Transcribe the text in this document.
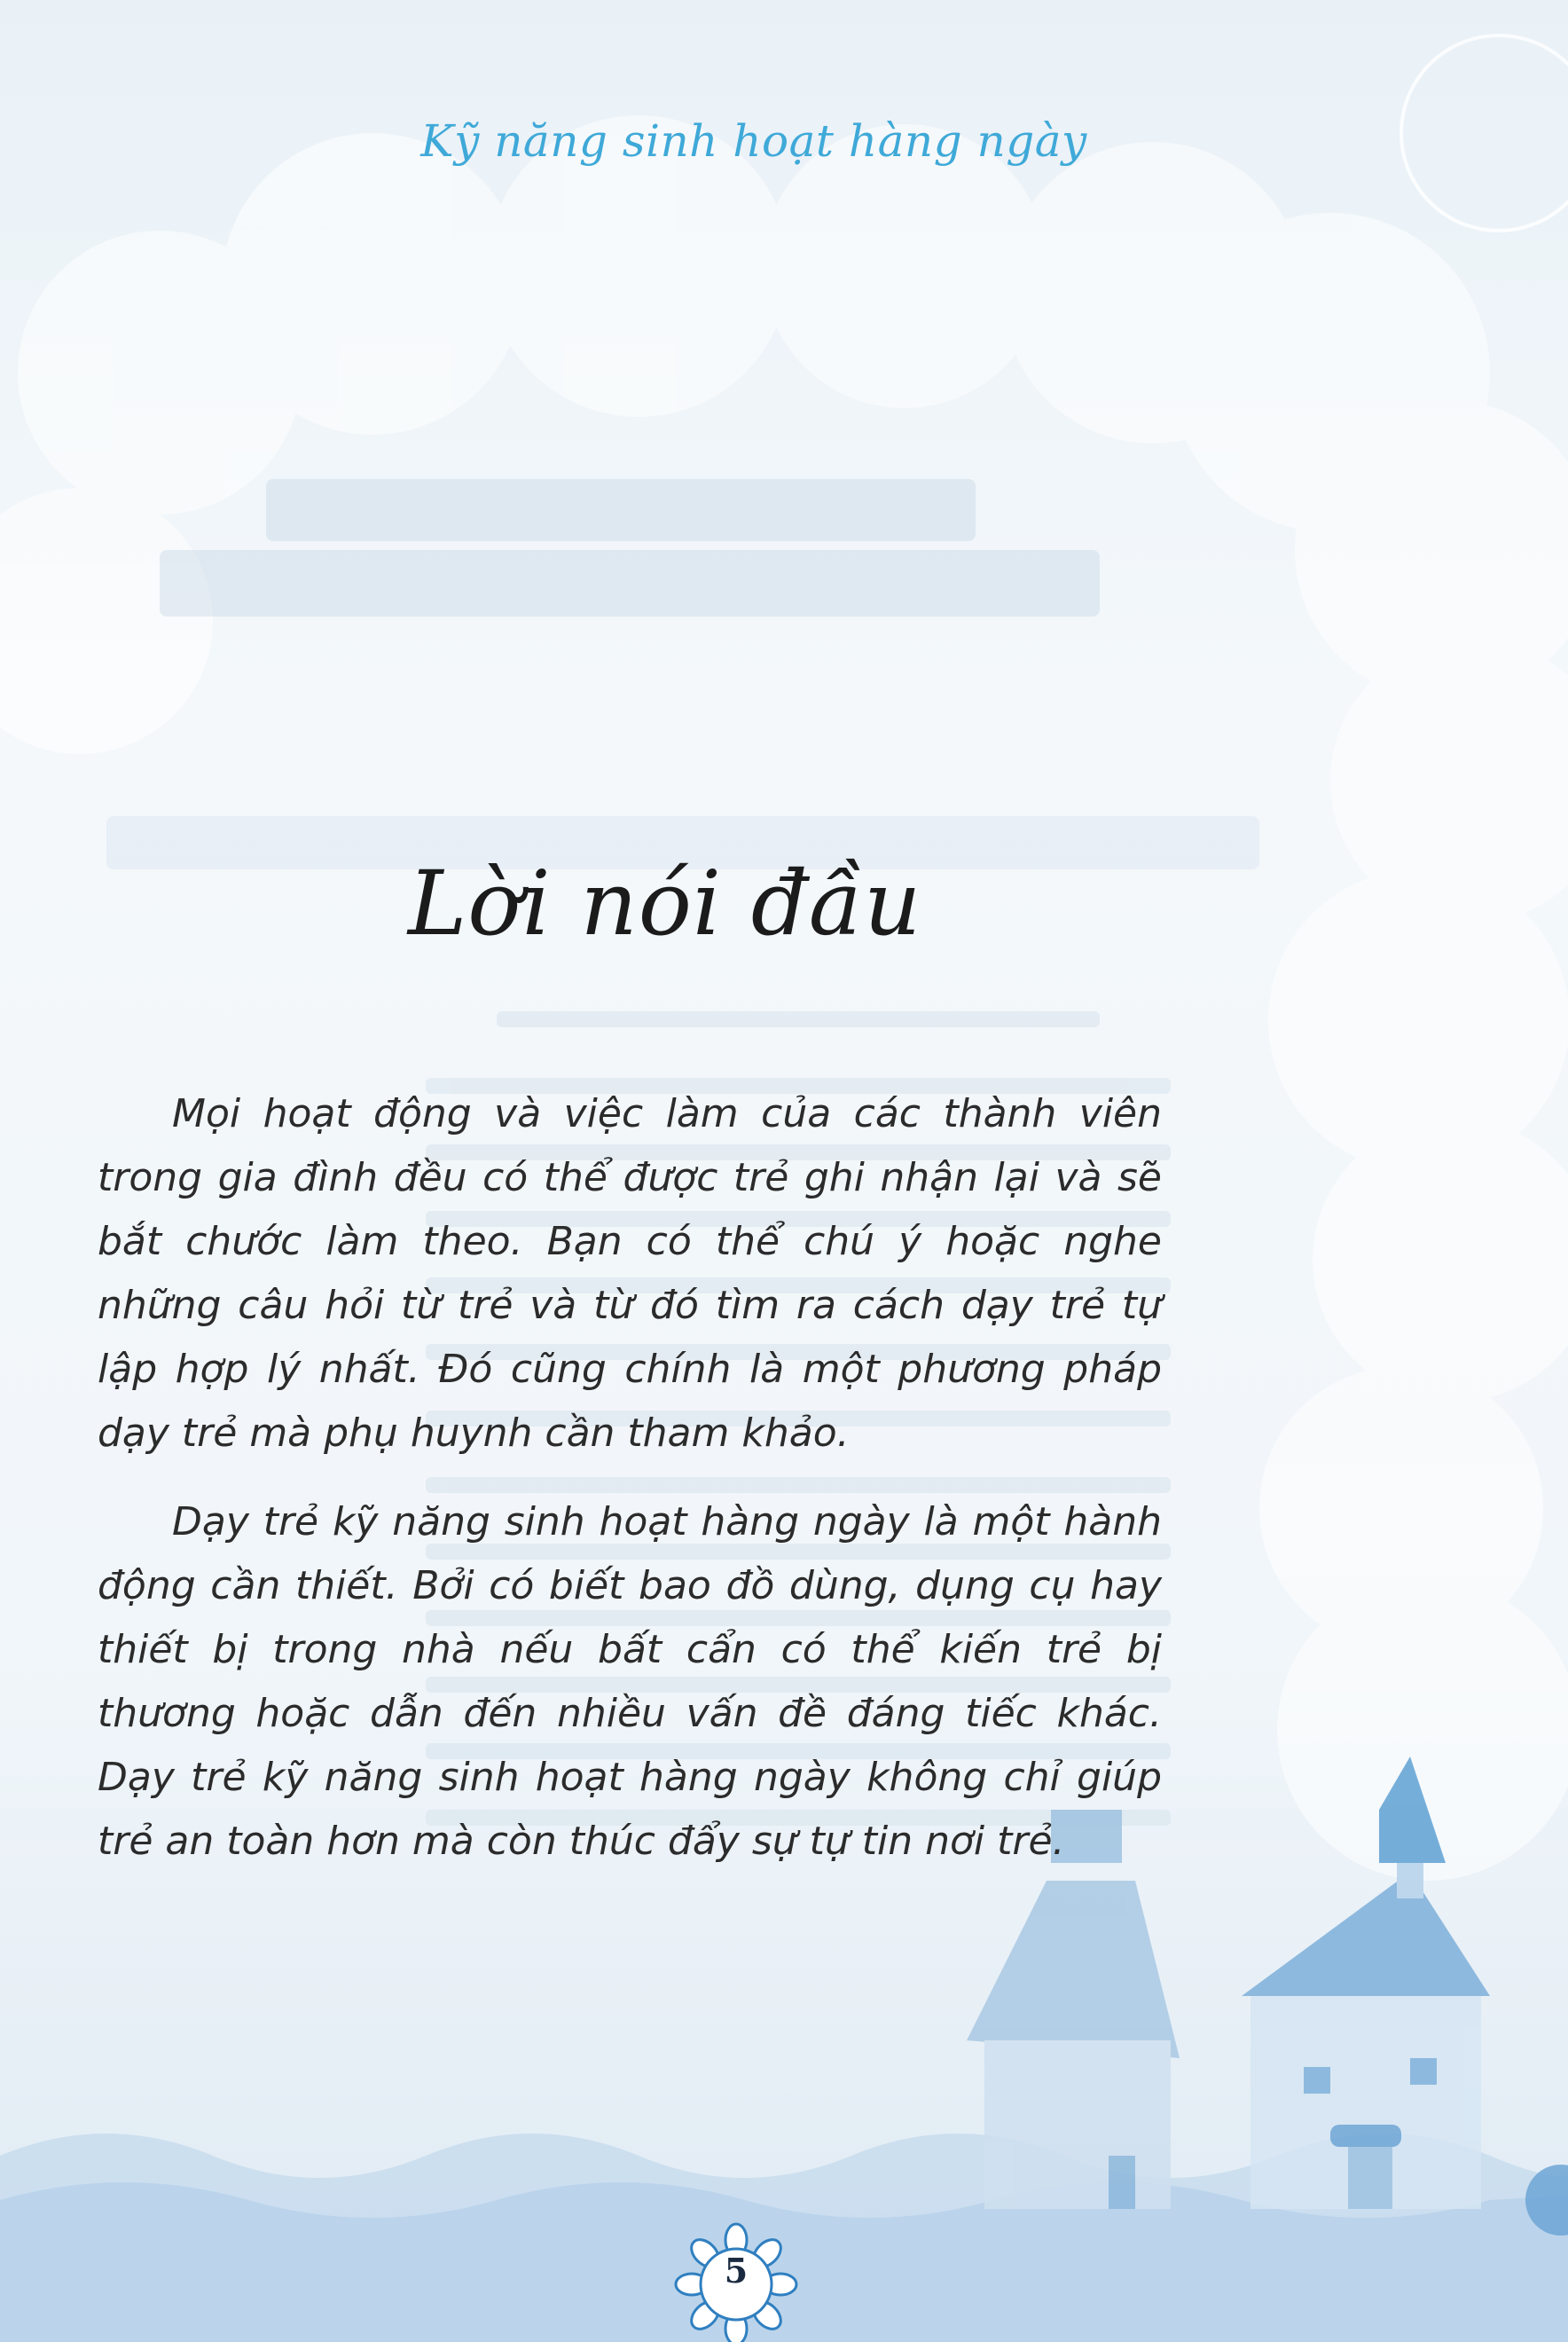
Kỹ năng sinh hoạt hàng ngày
Lời nói đầu

Mọi hoạt động và việc làm của các thành viên trong gia đình đều có thể được trẻ ghi nhận lại và sẽ bắt chước làm theo. Bạn có thể chú ý hoặc nghe những câu hỏi từ trẻ và từ đó tìm ra cách dạy trẻ tự lập hợp lý nhất. Đó cũng chính là một phương pháp dạy trẻ mà phụ huynh cần tham khảo.

Dạy trẻ kỹ năng sinh hoạt hàng ngày là một hành động cần thiết. Bởi có biết bao đồ dùng, dụng cụ hay thiết bị trong nhà nếu bất cẩn có thể kiến trẻ bị thương hoặc dẫn đến nhiều vấn đề đáng tiếc khác. Dạy trẻ kỹ năng sinh hoạt hàng ngày không chỉ giúp trẻ an toàn hơn mà còn thúc đẩy sự tự tin nơi trẻ.

5
